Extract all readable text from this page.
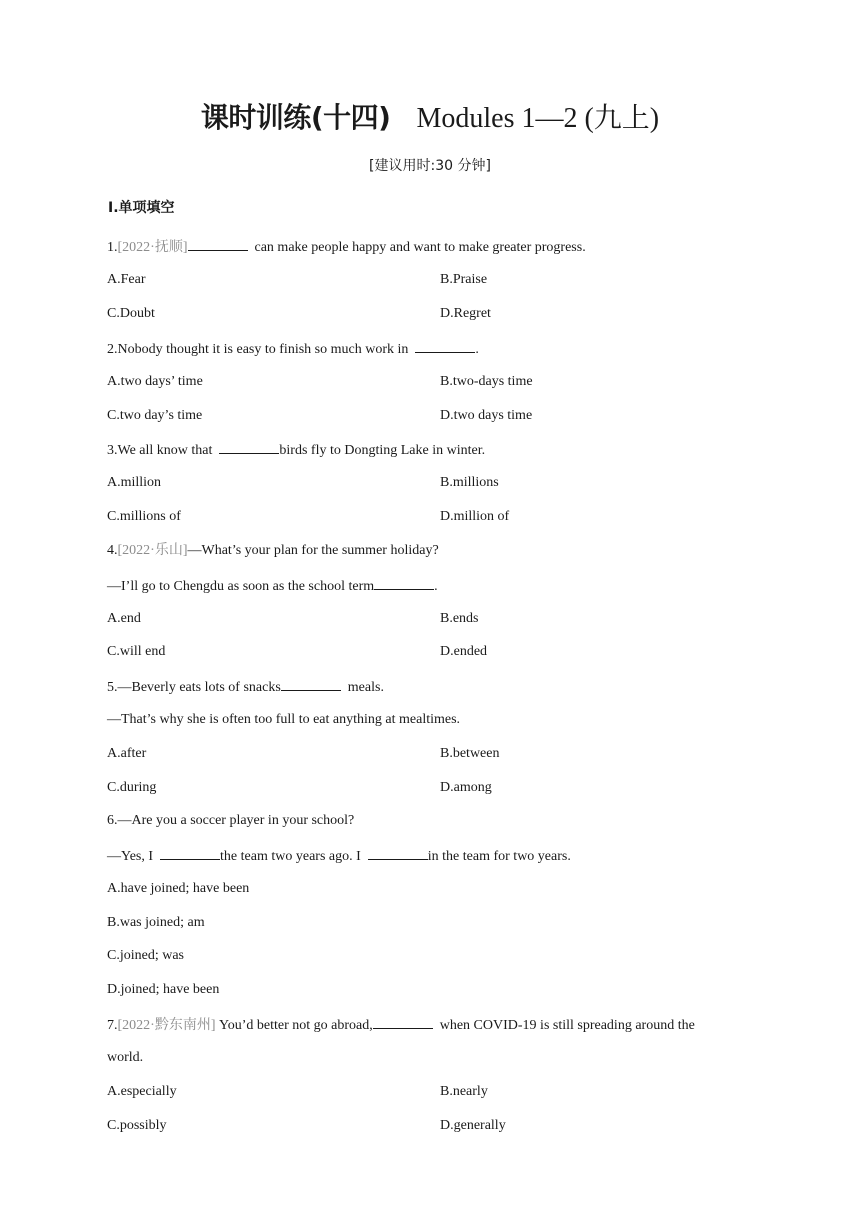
课时训练(十四) Modules 1—2 (九上)
[建议用时:30 分钟]
Ⅰ.单项填空
1.[2022·抚顺]	can make people happy and want to make greater progress.
A.Fear	B.Praise
C.Doubt	D.Regret
2.Nobody thought it is easy to finish so much work in	.
A.two days’ time	B.two-days time
C.two day’s time	D.two days time
3.We all know that	birds fly to Dongting Lake in winter.
A.million	B.millions
C.millions of	D.million of
4.[2022·乐山]—What’s your plan for the summer holiday?
—I’ll go to Chengdu as soon as the school term	.
A.end	B.ends
C.will end	D.ended
5.—Beverly eats lots of snacks	meals.
—That’s why she is often too full to eat anything at mealtimes.
A.after	B.between
C.during	D.among
6.—Are you a soccer player in your school?
—Yes, I	the team two years ago. I	in the team for two years.
A.have joined; have been
B.was joined; am
C.joined; was
D.joined; have been
7.[2022·黔东南州] You’d better not go abroad,	when COVID-19 is still spreading around the
world.
A.especially	B.nearly
C.possibly	D.generally
